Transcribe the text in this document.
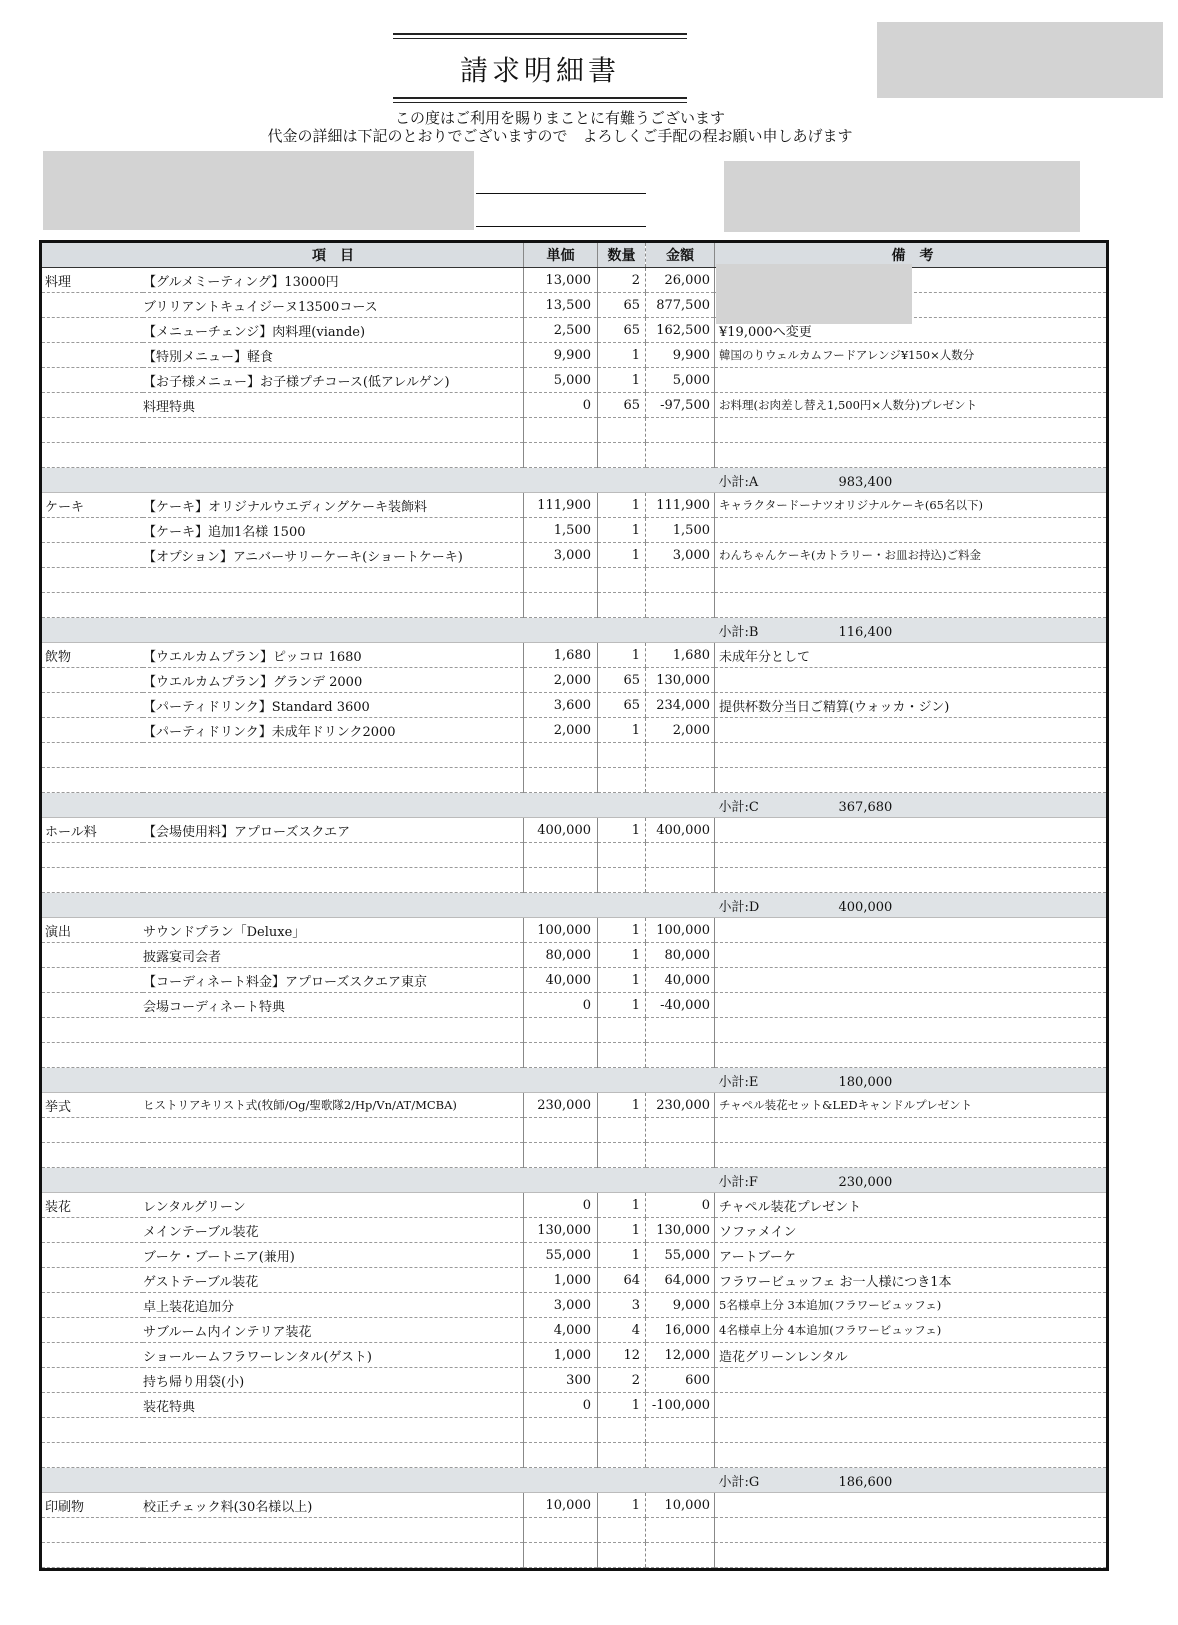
請求明細書
この度はご利用を賜りまことに有難うございます
代金の詳細は下記のとおりでございますので　よろしくご手配の程お願い申しあげます
	項　目	単価	数量	金額	備　考
料理	【グルメミーティング】13000円	13,000	2	26,000	
	ブリリアントキュイジーヌ13500コース	13,500	65	877,500	
	【メニューチェンジ】肉料理(viande)	2,500	65	162,500	¥19,000へ変更
	【特別メニュー】軽食	9,900	1	9,900	韓国のりウェルカムフードアレンジ¥150×人数分
	【お子様メニュー】お子様プチコース(低アレルゲン)	5,000	1	5,000	
	料理特典	0	65	-97,500	お料理(お肉差し替え1,500円×人数分)プレゼント

					小計:A 983,400
ケーキ	【ケーキ】オリジナルウエディングケーキ装飾料	111,900	1	111,900	キャラクタードーナツオリジナルケーキ(65名以下)
	【ケーキ】追加1名様 1500	1,500	1	1,500	
	【オプション】アニバーサリーケーキ(ショートケーキ)	3,000	1	3,000	わんちゃんケーキ(カトラリー・お皿お持込)ご料金

					小計:B 116,400
飲物	【ウエルカムプラン】ピッコロ 1680	1,680	1	1,680	未成年分として
	【ウエルカムプラン】グランデ 2000	2,000	65	130,000	
	【パーティドリンク】Standard 3600	3,600	65	234,000	提供杯数分当日ご精算(ウォッカ・ジン)
	【パーティドリンク】未成年ドリンク2000	2,000	1	2,000	

					小計:C 367,680
ホール料	【会場使用料】アプローズスクエア	400,000	1	400,000	

					小計:D 400,000
演出	サウンドプラン「Deluxe」	100,000	1	100,000	
	披露宴司会者	80,000	1	80,000	
	【コーディネート料金】アプローズスクエア東京	40,000	1	40,000	
	会場コーディネート特典	0	1	-40,000	

					小計:E 180,000
挙式	ヒストリアキリスト式(牧師/Og/聖歌隊2/Hp/Vn/AT/MCBA)	230,000	1	230,000	チャペル装花セット&LEDキャンドルプレゼント

					小計:F 230,000
装花	レンタルグリーン	0	1	0	チャペル装花プレゼント
	メインテーブル装花	130,000	1	130,000	ソファメイン
	ブーケ・ブートニア(兼用)	55,000	1	55,000	アートブーケ
	ゲストテーブル装花	1,000	64	64,000	フラワービュッフェ お一人様につき1本
	卓上装花追加分	3,000	3	9,000	5名様卓上分 3本追加(フラワービュッフェ)
	サブルーム内インテリア装花	4,000	4	16,000	4名様卓上分 4本追加(フラワービュッフェ)
	ショールームフラワーレンタル(ゲスト)	1,000	12	12,000	造花グリーンレンタル
	持ち帰り用袋(小)	300	2	600	
	装花特典	0	1	-100,000	

					小計:G 186,600
印刷物	校正チェック料(30名様以上)	10,000	1	10,000	
